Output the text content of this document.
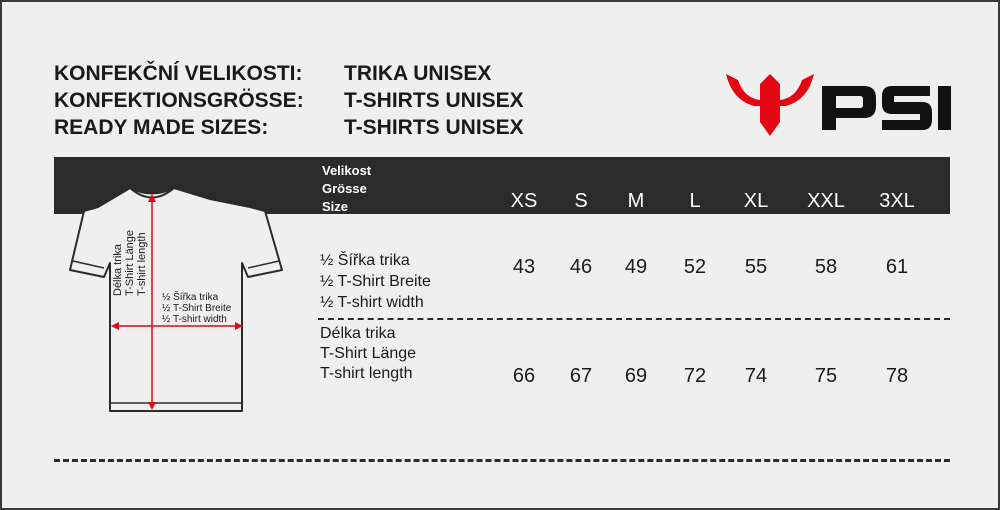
KONFEKČNÍ VELIKOSTI: TRIKA UNISEX
KONFEKTIONSGRÖSSE: T-SHIRTS UNISEX
READY MADE SIZES:	T-SHIRTS UNISEX
Velikost
Grösse
Size	XS	S	M	L	XL	XXL	3XL
½ Šířka trika
½ T-Shirt Breite
½ T-shirt width
43	46	49	52	55	58	61
Délka trika
T-Shirt Länge
T-shirt length	66	67	69	72	74	75	78
Délka trika T-Shirt Länge T-shirt length
½ Šířka trika
½ T-Shirt Breite
½ T-shirt width
